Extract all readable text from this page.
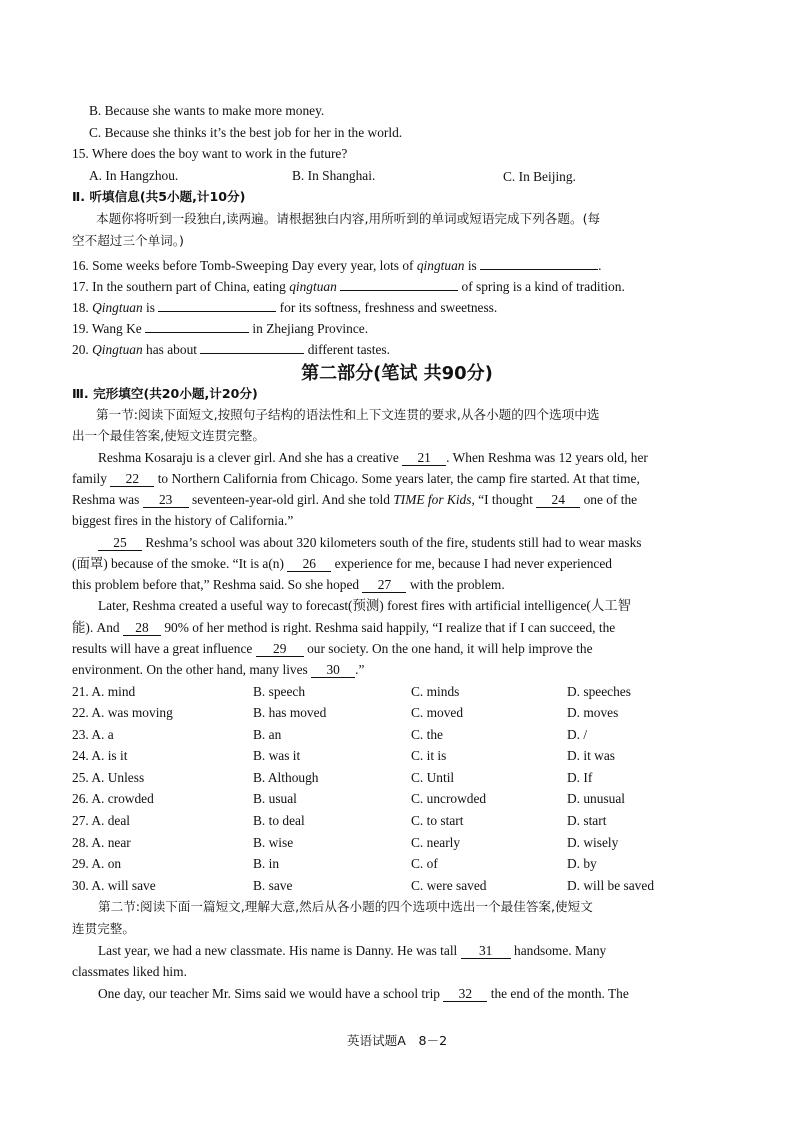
B. Because she wants to make more money.
C. Because she thinks it’s the best job for her in the world.
15. Where does the boy want to work in the future?
A. In Hangzhou.	B. In Shanghai.	C. In Beijing.
Ⅱ. 听填信息(共5小题,计10分)
本题你将听到一段独白,读两遍。请根据独白内容,用所听到的单词或短语完成下列各题。(每
空不超过三个单词。)
16. Some weeks before Tomb-Sweeping Day every year, lots of qingtuan is	.
17. In the southern part of China, eating qingtuan	of spring is a kind of tradition.
18. Qingtuan is	for its softness, freshness and sweetness.
19. Wang Ke	in Zhejiang Province.
20. Qingtuan has about	different tastes.
第二部分(笔试 共90分)
Ⅲ. 完形填空(共20小题,计20分)
第一节:阅读下面短文,按照句子结构的语法性和上下文连贯的要求,从各小题的四个选项中选
出一个最佳答案,使短文连贯完整。
Reshma Kosaraju is a clever girl. And she has a creative 21 . When Reshma was 12 years old, her
family 22 to Northern California from Chicago. Some years later, the camp fire started. At that time,
Reshma was 23 seventeen-year-old girl. And she told TIME for Kids, “I thought 24 one of the
biggest fires in the history of California.”
25 Reshma’s school was about 320 kilometers south of the fire, students still had to wear masks
(面罩) because of the smoke. “It is a(n) 26 experience for me, because I had never experienced
this problem before that,” Reshma said. So she hoped 27 with the problem.
Later, Reshma created a useful way to forecast(预测) forest fires with artificial intelligence(人工智
能). And 28 90% of her method is right. Reshma said happily, “I realize that if I can succeed, the
results will have a great influence 29 our society. On the one hand, it will help improve the
environment. On the other hand, many lives 30 .”
21. A. mind	B. speech	C. minds	D. speeches
22. A. was moving	B. has moved	C. moved	D. moves
23. A. a	B. an	C. the	D. /
24. A. is it	B. was it	C. it is	D. it was
25. A. Unless	B. Although	C. Until	D. If
26. A. crowded	B. usual	C. uncrowded	D. unusual
27. A. deal	B. to deal	C. to start	D. start
28. A. near	B. wise	C. nearly	D. wisely
29. A. on	B. in	C. of	D. by
30. A. will save	B. save	C. were saved	D. will be saved
第二节:阅读下面一篇短文,理解大意,然后从各小题的四个选项中选出一个最佳答案,使短文
连贯完整。
Last year, we had a new classmate. His name is Danny. He was tall 31 handsome. Many
classmates liked him.
One day, our teacher Mr. Sims said we would have a school trip 32 the end of the month. The
英语试题A　8－2
